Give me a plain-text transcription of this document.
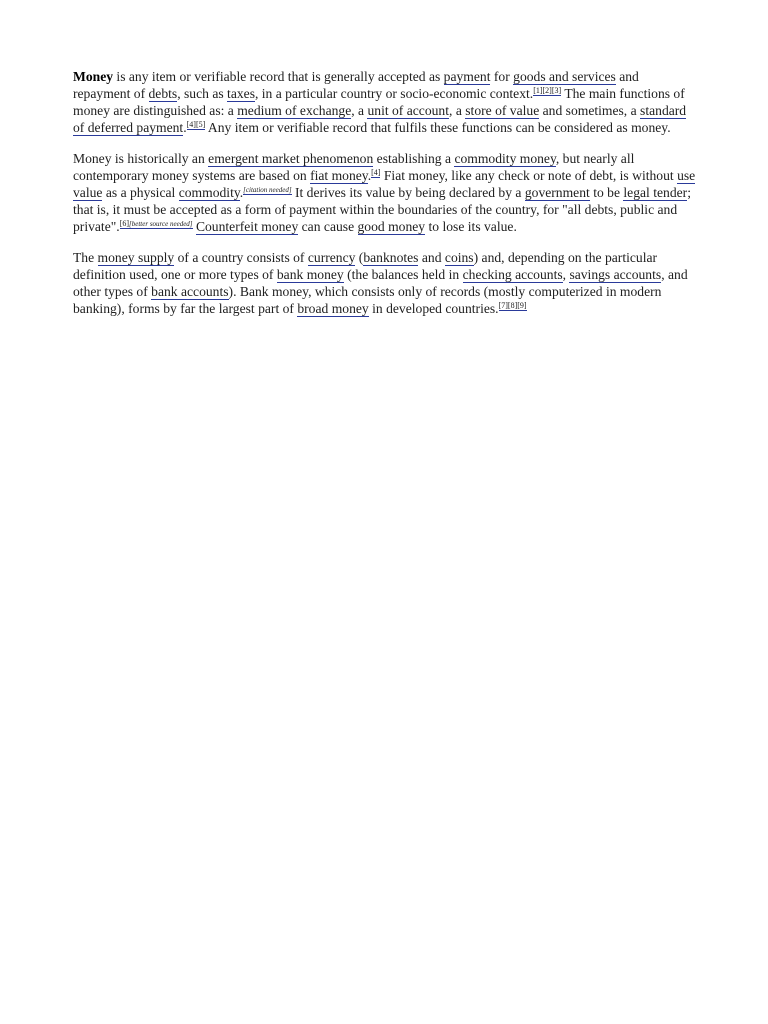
Money is any item or verifiable record that is generally accepted as payment for goods and services and repayment of debts, such as taxes, in a particular country or socio-economic context.[1][2][3] The main functions of money are distinguished as: a medium of exchange, a unit of account, a store of value and sometimes, a standard of deferred payment.[4][5] Any item or verifiable record that fulfils these functions can be considered as money.

Money is historically an emergent market phenomenon establishing a commodity money, but nearly all contemporary money systems are based on fiat money.[4] Fiat money, like any check or note of debt, is without use value as a physical commodity.[citation needed] It derives its value by being declared by a government to be legal tender; that is, it must be accepted as a form of payment within the boundaries of the country, for "all debts, public and private".[6][better source needed] Counterfeit money can cause good money to lose its value.

The money supply of a country consists of currency (banknotes and coins) and, depending on the particular definition used, one or more types of bank money (the balances held in checking accounts, savings accounts, and other types of bank accounts). Bank money, which consists only of records (mostly computerized in modern banking), forms by far the largest part of broad money in developed countries.[7][8][9]
